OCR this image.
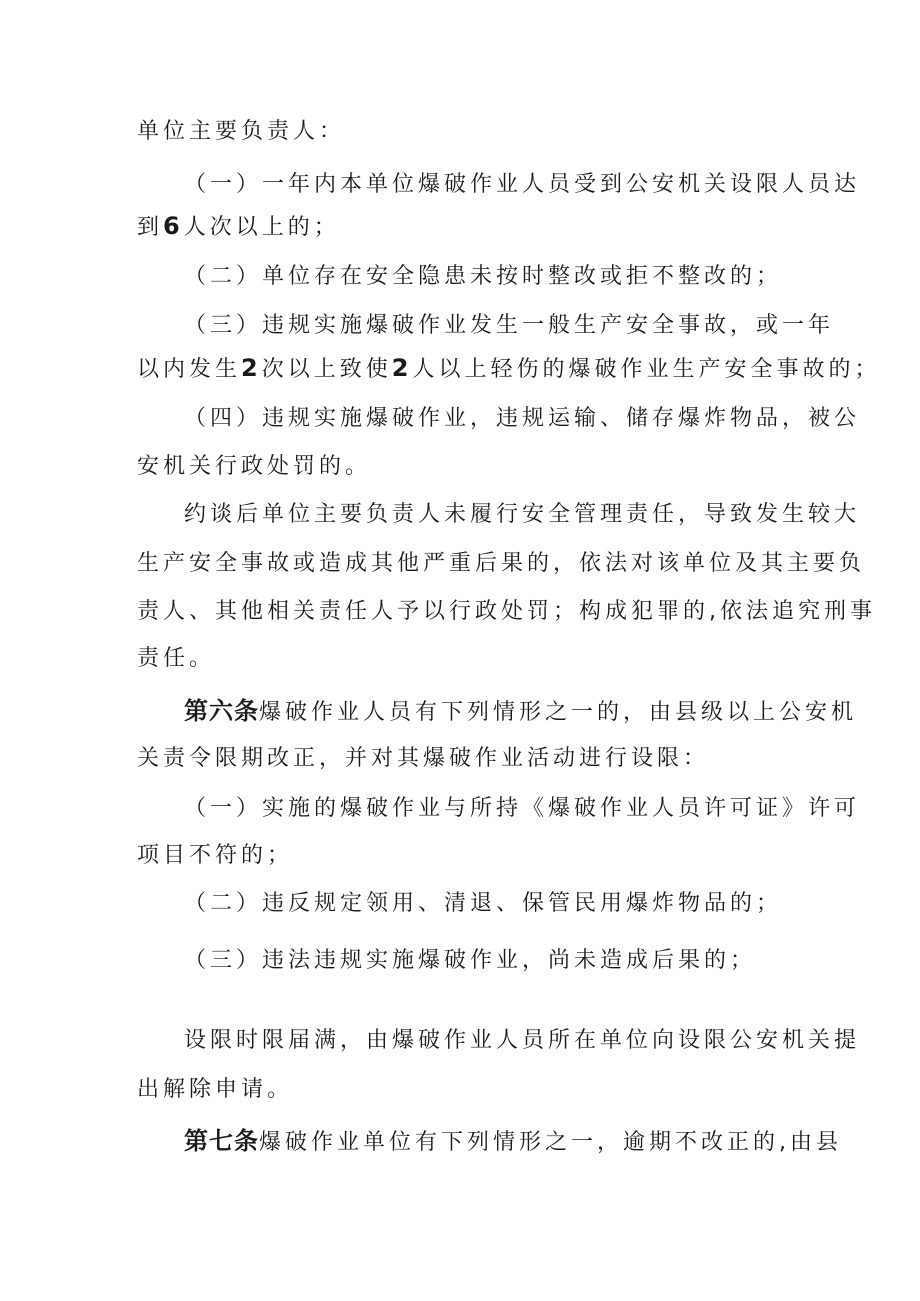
单位主要负责人：
（一）一年内本单位爆破作业人员受到公安机关设限人员达
到6人次以上的；
（二）单位存在安全隐患未按时整改或拒不整改的；
（三）违规实施爆破作业发生一般生产安全事故，或一年
以内发生2次以上致使2人以上轻伤的爆破作业生产安全事故的；
（四）违规实施爆破作业，违规运输、储存爆炸物品，被公
安机关行政处罚的。
约谈后单位主要负责人未履行安全管理责任，导致发生较大
生产安全事故或造成其他严重后果的，依法对该单位及其主要负
责人、其他相关责任人予以行政处罚；构成犯罪的,依法追究刑事
责任。
第六条爆破作业人员有下列情形之一的，由县级以上公安机
关责令限期改正，并对其爆破作业活动进行设限：
（一）实施的爆破作业与所持《爆破作业人员许可证》许可
项目不符的；
（二）违反规定领用、清退、保管民用爆炸物品的；
（三）违法违规实施爆破作业，尚未造成后果的；
设限时限届满，由爆破作业人员所在单位向设限公安机关提
出解除申请。
第七条爆破作业单位有下列情形之一，逾期不改正的,由县
